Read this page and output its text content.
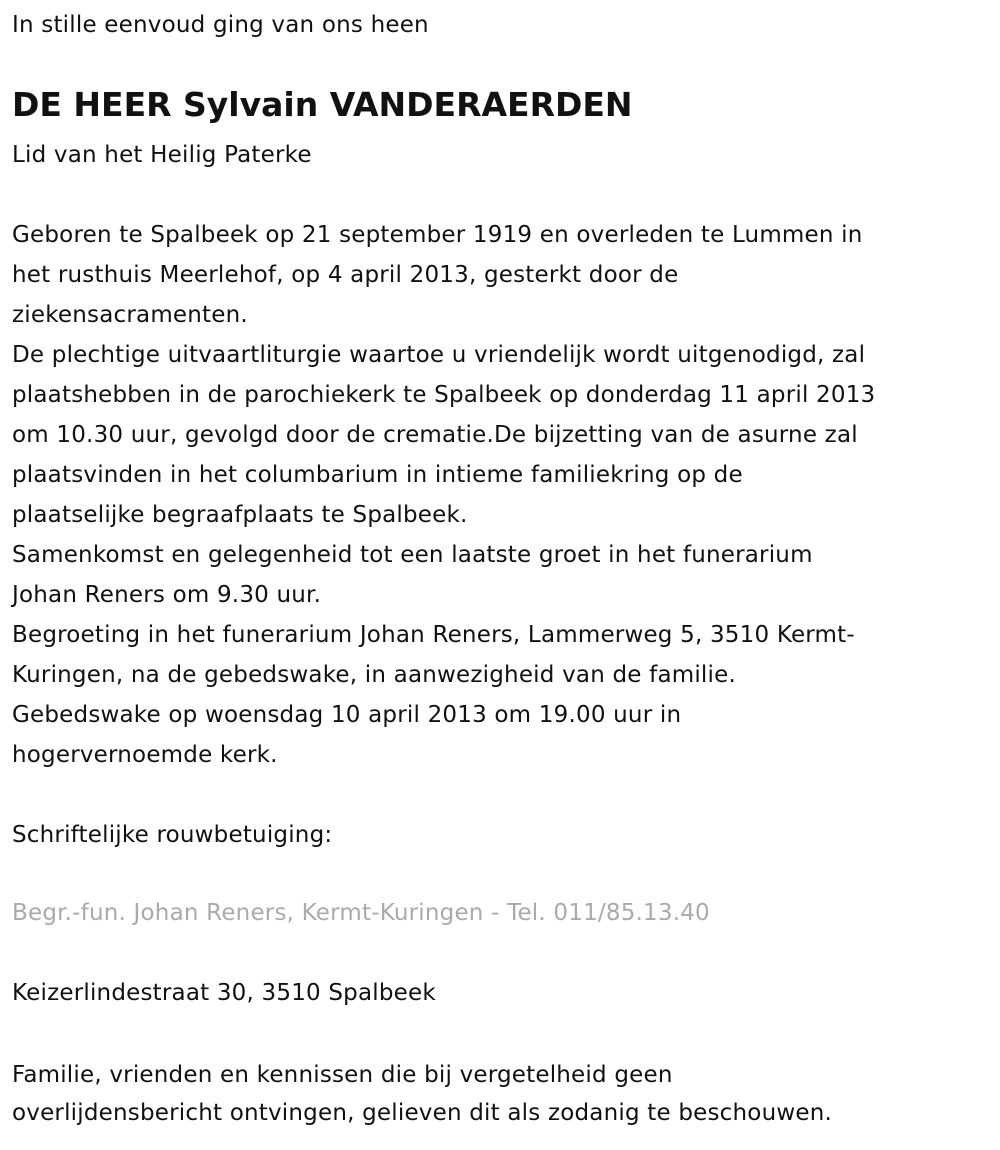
In stille eenvoud ging van ons heen
DE HEER Sylvain VANDERAERDEN
Lid van het Heilig Paterke
Geboren te Spalbeek op 21 september 1919 en overleden te Lummen in
het rusthuis Meerlehof, op 4 april 2013, gesterkt door de
ziekensacramenten.
De plechtige uitvaartliturgie waartoe u vriendelijk wordt uitgenodigd, zal
plaatshebben in de parochiekerk te Spalbeek op donderdag 11 april 2013
om 10.30 uur, gevolgd door de crematie.De bijzetting van de asurne zal
plaatsvinden in het columbarium in intieme familiekring op de
plaatselijke begraafplaats te Spalbeek.
Samenkomst en gelegenheid tot een laatste groet in het funerarium
Johan Reners om 9.30 uur.
Begroeting in het funerarium Johan Reners, Lammerweg 5, 3510 Kermt-
Kuringen, na de gebedswake, in aanwezigheid van de familie.
Gebedswake op woensdag 10 april 2013 om 19.00 uur in
hogervernoemde kerk.
Schriftelijke rouwbetuiging:
Begr.-fun. Johan Reners, Kermt-Kuringen - Tel. 011/85.13.40
Keizerlindestraat 30, 3510 Spalbeek
Familie, vrienden en kennissen die bij vergetelheid geen
overlijdensbericht ontvingen, gelieven dit als zodanig te beschouwen.
